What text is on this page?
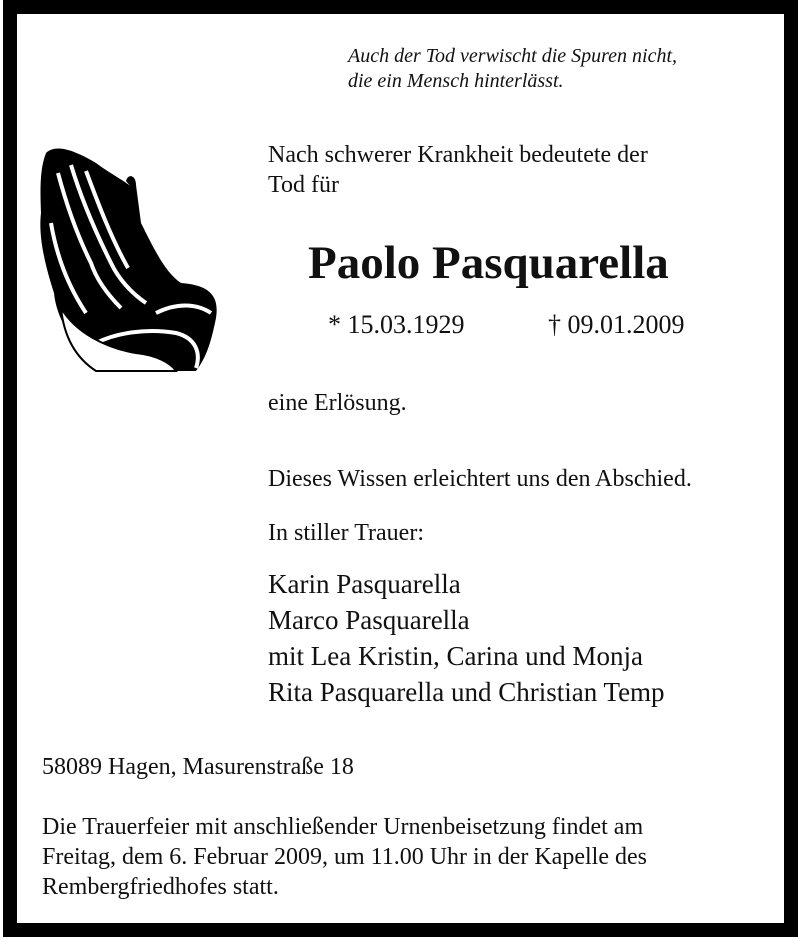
Auch der Tod verwischt die Spuren nicht,
die ein Mensch hinterlässt.
Nach schwerer Krankheit bedeutete der
Tod für
Paolo Pasquarella
* 15.03.1929	† 09.01.2009
eine Erlösung.
Dieses Wissen erleichtert uns den Abschied.
In stiller Trauer:
Karin Pasquarella
Marco Pasquarella
mit Lea Kristin, Carina und Monja
Rita Pasquarella und Christian Temp
58089 Hagen, Masurenstraße 18
Die Trauerfeier mit anschließender Urnenbeisetzung findet am
Freitag, dem 6. Februar 2009, um 11.00 Uhr in der Kapelle des
Rembergfriedhofes statt.
